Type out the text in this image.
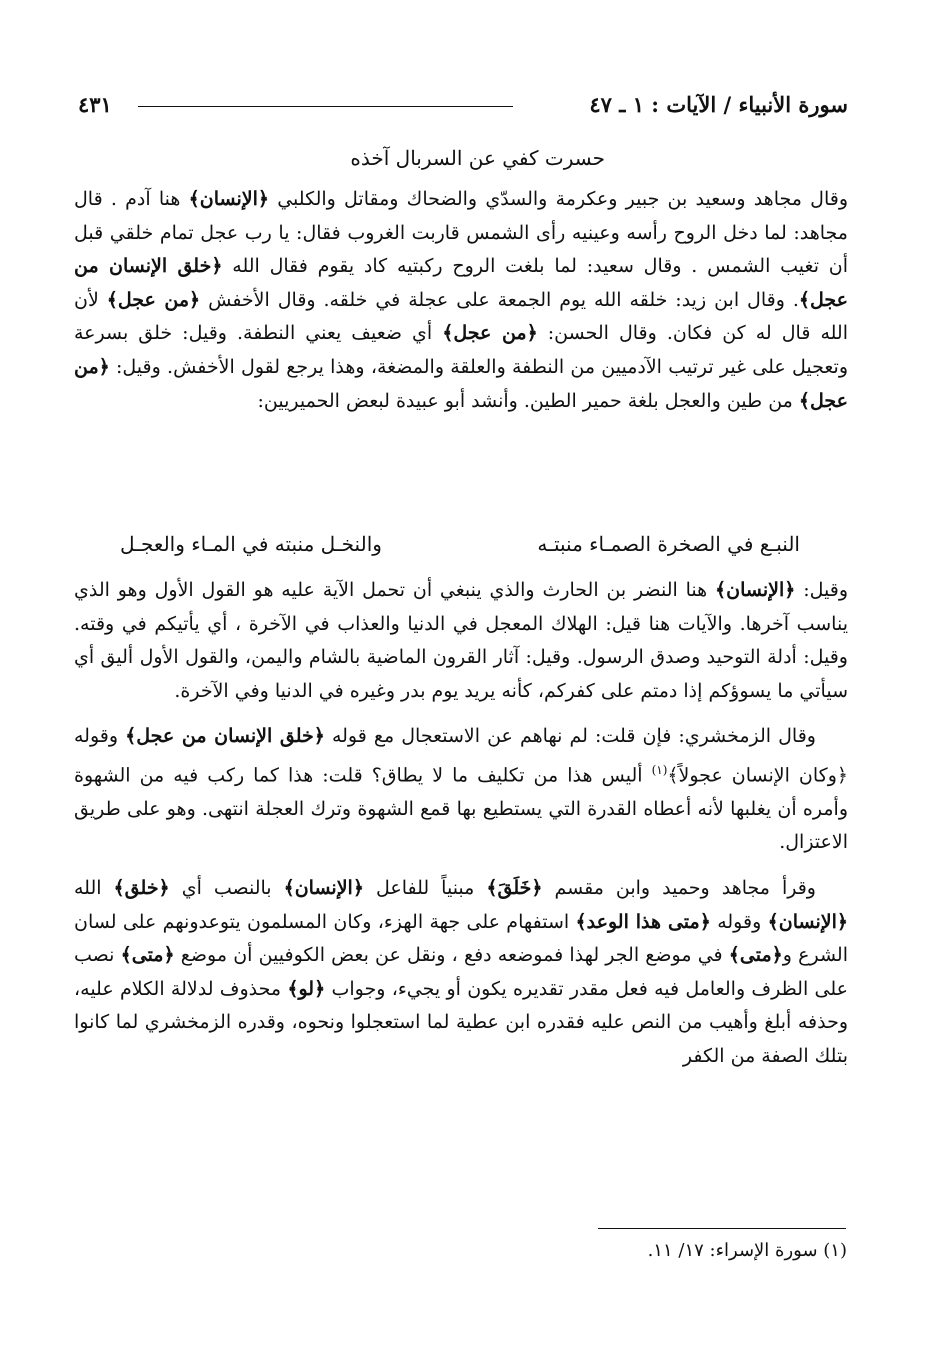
سورة الأنبياء / الآيات : ١ ـ ٤٧
٤٣١
حسرت كفي عن السربال آخذه

وقال مجاهد وسعيد بن جبير وعكرمة والسدّي والضحاك ومقاتل والكلبي ﴿الإنسان﴾ هنا آدم . قال مجاهد: لما دخل الروح رأسه وعينيه رأى الشمس قاربت الغروب فقال: يا رب عجل تمام خلقي قبل أن تغيب الشمس . وقال سعيد: لما بلغت الروح ركبتيه كاد يقوم فقال الله ﴿خلق الإنسان من عجل﴾. وقال ابن زيد: خلقه الله يوم الجمعة على عجلة في خلقه. وقال الأخفش ﴿من عجل﴾ لأن الله قال له كن فكان. وقال الحسن: ﴿من عجل﴾ أي ضعيف يعني النطفة. وقيل: خلق بسرعة وتعجيل على غير ترتيب الآدميين من النطفة والعلقة والمضغة، وهذا يرجع لقول الأخفش. وقيل: ﴿من عجل﴾ من طين والعجل بلغة حمير الطين. وأنشد أبو عبيدة لبعض الحميريين:

النبـع في الصخرة الصمـاء منبتـه
والنخـل منبته في المـاء والعجـل

وقيل: ﴿الإنسان﴾ هنا النضر بن الحارث والذي ينبغي أن تحمل الآية عليه هو القول الأول وهو الذي يناسب آخرها. والآيات هنا قيل: الهلاك المعجل في الدنيا والعذاب في الآخرة ، أي يأتيكم في وقته. وقيل: أدلة التوحيد وصدق الرسول. وقيل: آثار القرون الماضية بالشام واليمن، والقول الأول أليق أي سيأتي ما يسوؤكم إذا دمتم على كفركم، كأنه يريد يوم بدر وغيره في الدنيا وفي الآخرة.

وقال الزمخشري: فإن قلت: لم نهاهم عن الاستعجال مع قوله ﴿خلق الإنسان من عجل﴾ وقوله ﴿وكان الإنسان عجولاً﴾$^{(١)}$ أليس هذا من تكليف ما لا يطاق؟ قلت: هذا كما ركب فيه من الشهوة وأمره أن يغلبها لأنه أعطاه القدرة التي يستطيع بها قمع الشهوة وترك العجلة انتهى. وهو على طريق الاعتزال.

وقرأ مجاهد وحميد وابن مقسم ﴿خَلَقَ﴾ مبنياً للفاعل ﴿الإنسان﴾ بالنصب أي ﴿خلق﴾ الله ﴿الإنسان﴾ وقوله ﴿متى هذا الوعد﴾ استفهام على جهة الهزء، وكان المسلمون يتوعدونهم على لسان الشرع و﴿متى﴾ في موضع الجر لهذا فموضعه دفع ، ونقل عن بعض الكوفيين أن موضع ﴿متى﴾ نصب على الظرف والعامل فيه فعل مقدر تقديره يكون أو يجيء، وجواب ﴿لو﴾ محذوف لدلالة الكلام عليه، وحذفه أبلغ وأهيب من النص عليه فقدره ابن عطية لما استعجلوا ونحوه، وقدره الزمخشري لما كانوا بتلك الصفة من الكفر

(١) سورة الإسراء: ١٧/ ١١.
